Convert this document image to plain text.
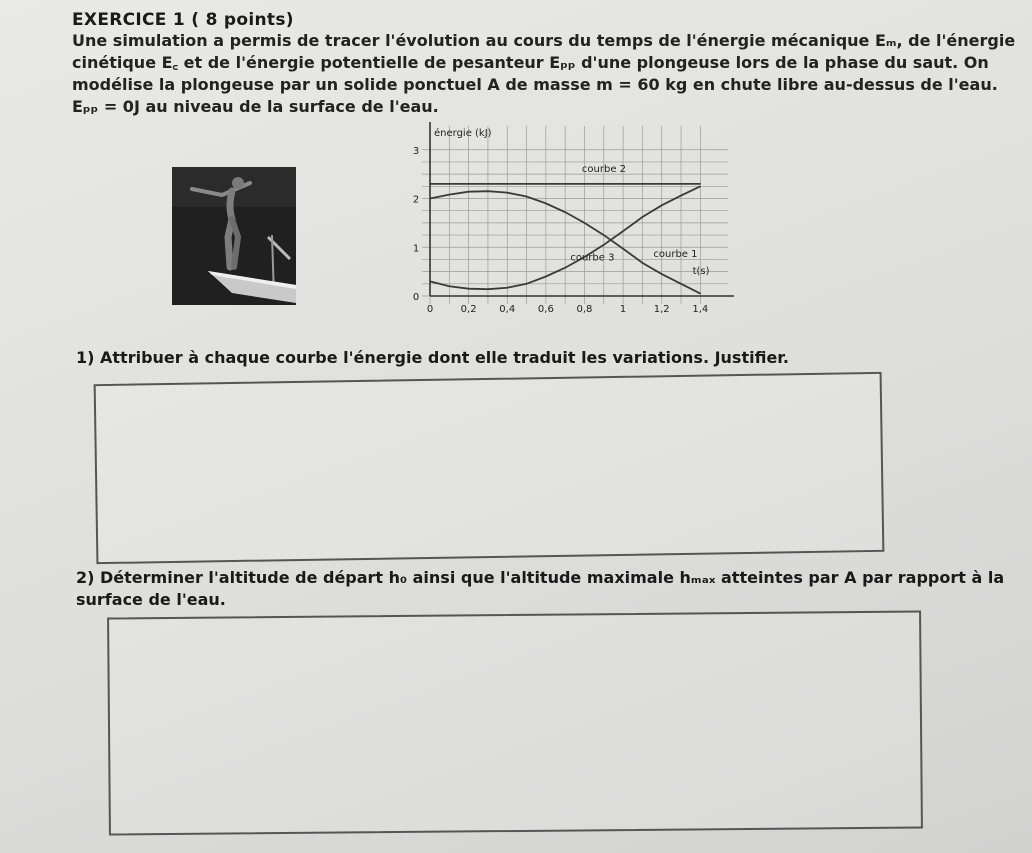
EXERCICE 1 ( 8 points)
Une simulation a permis de tracer l'évolution au cours du temps de l'énergie mécanique Eₘ, de l'énergie
cinétique E꜀ et de l'énergie potentielle de pesanteur Eₚₚ d'une plongeuse lors de la phase du saut. On
modélise la plongeuse par un solide ponctuel A de masse m = 60 kg en chute libre au-dessus de l'eau.
Eₚₚ = 0J au niveau de la surface de l'eau.
0	0,2 0,4 0,6 0,8	1	1,2 1,4
0
1
2
3
énergie (kJ)
t(s)
courbe 1
courbe 2
courbe 3
1) Attribuer à chaque courbe l'énergie dont elle traduit les variations. Justifier.
2) Déterminer l'altitude de départ h₀ ainsi que l'altitude maximale hₘₐₓ atteintes par A par rapport à la
surface de l'eau.
